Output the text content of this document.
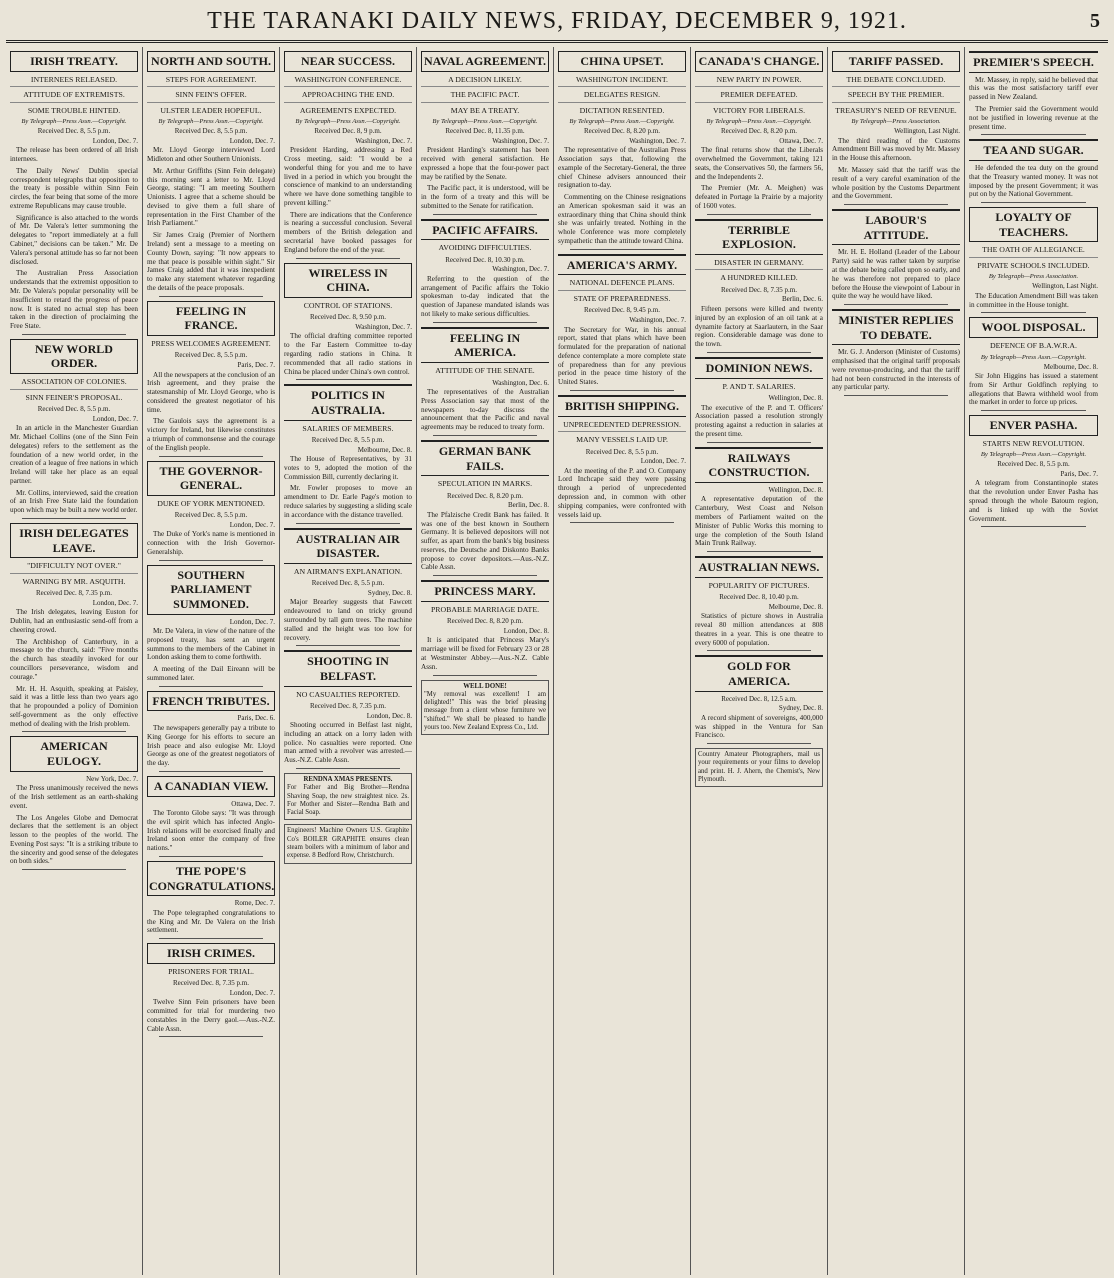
THE TARANAKI DAILY NEWS, FRIDAY, DECEMBER 9, 1921.	5
IRISH TREATY.
INTERNEES RELEASED.
ATTITUDE OF EXTREMISTS.
SOME TROUBLE HINTED.
By Telegraph—Press Assn.—Copyright.
Received Dec. 8, 5.5 p.m.
London, Dec. 7.

The release has been ordered of all Irish internees.

The Daily News' Dublin special correspondent telegraphs that opposition to the treaty is possible within Sinn Fein circles, the fear being that some of the more extreme Republicans may cause trouble.

Significance is also attached to the words of Mr. De Valera's letter summoning the delegates to "report immediately at a full Cabinet," decisions can be taken." Mr. De Valera's personal attitude has so far not been disclosed.

The Australian Press Association understands that the extremist opposition to Mr. De Valera's popular personality will be insufficient to retard the progress of peace now. It is stated no actual step has been taken in the direction of proclaiming the Free State.

NEW WORLD ORDER.
ASSOCIATION OF COLONIES.
SINN FEINER'S PROPOSAL.
Received Dec. 8, 5.5 p.m.
London, Dec. 7.

In an article in the Manchester Guardian Mr. Michael Collins (one of the Sinn Fein delegates) refers to the settlement as the foundation of a new world order, in the creation of a league of free nations in which Ireland will take her place as an equal partner.

Mr. Collins, interviewed, said the creation of an Irish Free State laid the foundation upon which may be built a new world order.

IRISH DELEGATES LEAVE.
"DIFFICULTY NOT OVER."
WARNING BY MR. ASQUITH.
Received Dec. 8, 7.35 p.m.
London, Dec. 7.

The Irish delegates, leaving Euston for Dublin, had an enthusiastic send-off from a cheering crowd.

The Archbishop of Canterbury, in a message to the church, said: "Five months the church has steadily invoked for our councillors perseverance, wisdom and courage."

Mr. H. H. Asquith, speaking at Paisley, said it was a little less than two years ago that he propounded a policy of Dominion self-government as the only effective method of dealing with the Irish problem.

AMERICAN EULOGY.
New York, Dec. 7.

The Press unanimously received the news of the Irish settlement as an earth-shaking event.

The Los Angeles Globe and Democrat declares that the settlement is an object lesson to the peoples of the world. The Evening Post says: "It is a striking tribute to the sincerity and good sense of the delegates on both sides."

NORTH AND SOUTH.
STEPS FOR AGREEMENT.
SINN FEIN'S OFFER.
ULSTER LEADER HOPEFUL.
By Telegraph—Press Assn.—Copyright.
Received Dec. 8, 5.5 p.m.
London, Dec. 7.

Mr. Lloyd George interviewed Lord Midleton and other Southern Unionists.

Mr. Arthur Griffiths (Sinn Fein delegate) this morning sent a letter to Mr. Lloyd George, stating: "I am meeting Southern Unionists. I agree that a scheme should be devised to give them a full share of representation in the First Chamber of the Irish Parliament."

Sir James Craig (Premier of Northern Ireland) sent a message to a meeting on County Down, saying: "It now appears to me that peace is possible within sight." Sir James Craig added that it was inexpedient to make any statement whatever regarding the details of the peace proposals.

FEELING IN FRANCE.
PRESS WELCOMES AGREEMENT.
Received Dec. 8, 5.5 p.m.
Paris, Dec. 7.

All the newspapers at the conclusion of an Irish agreement, and they praise the statesmanship of Mr. Lloyd George, who is considered the greatest negotiator of his time.

The Gaulois says the agreement is a victory for Ireland, but likewise constitutes a triumph of commonsense and the courage of the English people.

THE GOVERNOR-GENERAL.
DUKE OF YORK MENTIONED.
Received Dec. 8, 5.5 p.m.
London, Dec. 7.

The Duke of York's name is mentioned in connection with the Irish Governor-Generalship.

SOUTHERN PARLIAMENT SUMMONED.
London, Dec. 7.

Mr. De Valera, in view of the nature of the proposed treaty, has sent an urgent summons to the members of the Cabinet in London asking them to come forthwith.

A meeting of the Dail Eireann will be summoned later.

FRENCH TRIBUTES.
Paris, Dec. 6.

The newspapers generally pay a tribute to King George for his efforts to secure an Irish peace and also eulogise Mr. Lloyd George as one of the greatest negotiators of the day.

A CANADIAN VIEW.
Ottawa, Dec. 7.

The Toronto Globe says: "It was through the evil spirit which has infected Anglo-Irish relations will be exorcised finally and Ireland soon enter the company of free nations."

THE POPE'S CONGRATULATIONS.
Rome, Dec. 7.

The Pope telegraphed congratulations to the King and Mr. De Valera on the Irish settlement.

IRISH CRIMES.
PRISONERS FOR TRIAL.
Received Dec. 8, 7.35 p.m.
London, Dec. 7.

Twelve Sinn Fein prisoners have been committed for trial for murdering two constables in the Derry gaol.—Aus.-N.Z. Cable Assn.

NEAR SUCCESS.
WASHINGTON CONFERENCE.
APPROACHING THE END.
AGREEMENTS EXPECTED.
By Telegraph—Press Assn.—Copyright.
Received Dec. 8, 9 p.m.
Washington, Dec. 7.

President Harding, addressing a Red Cross meeting, said: "I would be a wonderful thing for you and me to have lived in a period in which you brought the conscience of mankind to an understanding where we have done something tangible to prevent killing."

There are indications that the Conference is nearing a successful conclusion. Several members of the British delegation and secretarial have booked passages for England before the end of the year.

WIRELESS IN CHINA.
CONTROL OF STATIONS.
Received Dec. 8, 9.50 p.m.
Washington, Dec. 7.

The official drafting committee reported to the Far Eastern Committee to-day regarding radio stations in China. It recommended that all radio stations in China be placed under China's own control.

POLITICS IN AUSTRALIA.
SALARIES OF MEMBERS.
Received Dec. 8, 5.5 p.m.
Melbourne, Dec. 8.

The House of Representatives, by 31 votes to 9, adopted the motion of the Commission Bill, currently declaring it.

Mr. Fowler proposes to move an amendment to Dr. Earle Page's motion to reduce salaries by suggesting a sliding scale in accordance with the distance travelled.

AUSTRALIAN AIR DISASTER.
AN AIRMAN'S EXPLANATION.
Received Dec. 8, 5.5 p.m.
Sydney, Dec. 8.

Major Brearley suggests that Fawcett endeavoured to land on tricky ground surrounded by tall gum trees. The machine stalled and the height was too low for recovery.

SHOOTING IN BELFAST.
NO CASUALTIES REPORTED.
Received Dec. 8, 7.35 p.m.
London, Dec. 8.

Shooting occurred in Belfast last night, including an attack on a lorry laden with police. No casualties were reported. One man armed with a revolver was arrested.—Aus.-N.Z. Cable Assn.

RENDNA XMAS PRESENTS.
For Father and Big Brother—Rendna Shaving Soap, the new straightest nice. 2s. For Mother and Sister—Rendna Bath and Facial Soap.
Engineers! Machine Owners U.S. Graphite Co's BOILER GRAPHITE ensures clean steam boilers with a minimum of labor and expense. 8 Bedford Row, Christchurch.
NAVAL AGREEMENT.
A DECISION LIKELY.
THE PACIFIC PACT.
MAY BE A TREATY.
By Telegraph—Press Assn.—Copyright.
Received Dec. 8, 11.35 p.m.
Washington, Dec. 7.

President Harding's statement has been received with general satisfaction. He expressed a hope that the four-power pact may be ratified by the Senate.

The Pacific pact, it is understood, will be in the form of a treaty and this will be submitted to the Senate for ratification.

PACIFIC AFFAIRS.
AVOIDING DIFFICULTIES.
Received Dec. 8, 10.30 p.m.
Washington, Dec. 7.

Referring to the question of the arrangement of Pacific affairs the Tokio spokesman to-day indicated that the question of Japanese mandated islands was not likely to make serious difficulties.

FEELING IN AMERICA.
ATTITUDE OF THE SENATE.
Washington, Dec. 6.

The representatives of the Australian Press Association say that most of the newspapers to-day discuss the announcement that the Pacific and naval agreements may be reduced to treaty form.

GERMAN BANK FAILS.
SPECULATION IN MARKS.
Received Dec. 8, 8.20 p.m.
Berlin, Dec. 8.

The Pfalzische Credit Bank has failed. It was one of the best known in Southern Germany. It is believed depositors will not suffer, as apart from the bank's big business reserves, the Deutsche and Diskonto Banks propose to cover depositors.—Aus.-N.Z. Cable Assn.

PRINCESS MARY.
PROBABLE MARRIAGE DATE.
Received Dec. 8, 8.20 p.m.
London, Dec. 8.

It is anticipated that Princess Mary's marriage will be fixed for February 23 or 28 at Westminster Abbey.—Aus.-N.Z. Cable Assn.

WELL DONE!
"My removal was excellent! I am delighted!" This was the brief pleasing message from a client whose furniture we "shifted." We shall be pleased to handle yours too. New Zealand Express Co., Ltd.
CHINA UPSET.
WASHINGTON INCIDENT.
DELEGATES RESIGN.
DICTATION RESENTED.
By Telegraph—Press Assn.—Copyright.
Received Dec. 8, 8.20 p.m.
Washington, Dec. 7.

The representative of the Australian Press Association says that, following the example of the Secretary-General, the three chief Chinese advisers announced their resignation to-day.

Commenting on the Chinese resignations an American spokesman said it was an extraordinary thing that China should think she was unfairly treated. Nothing in the whole Conference was more completely sympathetic than the attitude toward China.

AMERICA'S ARMY.
NATIONAL DEFENCE PLANS.
STATE OF PREPAREDNESS.
Received Dec. 8, 9.45 p.m.
Washington, Dec. 7.

The Secretary for War, in his annual report, stated that plans which have been formulated for the preparation of national defence contemplate a more complete state of preparedness than for any previous period in the peace time history of the United States.

BRITISH SHIPPING.
UNPRECEDENTED DEPRESSION.
MANY VESSELS LAID UP.
Received Dec. 8, 5.5 p.m.
London, Dec. 7.

At the meeting of the P. and O. Company Lord Inchcape said they were passing through a period of unprecedented depression and, in common with other shipping companies, were confronted with vessels laid up.

CANADA'S CHANGE.
NEW PARTY IN POWER.
PREMIER DEFEATED.
VICTORY FOR LIBERALS.
By Telegraph—Press Assn.—Copyright.
Received Dec. 8, 8.20 p.m.
Ottawa, Dec. 7.

The final returns show that the Liberals overwhelmed the Government, taking 121 seats, the Conservatives 50, the farmers 56, and the Independents 2.

The Premier (Mr. A. Meighen) was defeated in Portage la Prairie by a majority of 1600 votes.

TERRIBLE EXPLOSION.
DISASTER IN GERMANY.
A HUNDRED KILLED.
Received Dec. 8, 7.35 p.m.
Berlin, Dec. 6.

Fifteen persons were killed and twenty injured by an explosion of an oil tank at a dynamite factory at Saarlautern, in the Saar region. Considerable damage was done to the town.

DOMINION NEWS.
P. AND T. SALARIES.
Wellington, Dec. 8.

The executive of the P. and T. Officers' Association passed a resolution strongly protesting against a reduction in salaries at the present time.

RAILWAYS CONSTRUCTION.
Wellington, Dec. 8.

A representative deputation of the Canterbury, West Coast and Nelson members of Parliament waited on the Minister of Public Works this morning to urge the completion of the South Island Main Trunk Railway.

AUSTRALIAN NEWS.
POPULARITY OF PICTURES.
Received Dec. 8, 10.40 p.m.
Melbourne, Dec. 8.

Statistics of picture shows in Australia reveal 80 million attendances at 808 theatres in a year. This is one theatre to every 6000 of population.

GOLD FOR AMERICA.
Received Dec. 8, 12.5 a.m.
Sydney, Dec. 8.

A record shipment of sovereigns, 400,000 was shipped in the Ventura for San Francisco.

Country Amateur Photographers, mail us your requirements or your films to develop and print. H. J. Ahern, the Chemist's, New Plymouth.
TARIFF PASSED.
THE DEBATE CONCLUDED.
SPEECH BY THE PREMIER.
TREASURY'S NEED OF REVENUE.
By Telegraph—Press Association.
Wellington, Last Night.

The third reading of the Customs Amendment Bill was moved by Mr. Massey in the House this afternoon.

Mr. Massey said that the tariff was the result of a very careful examination of the whole position by the Customs Department and the Government.

LABOUR'S ATTITUDE.

Mr. H. E. Holland (Leader of the Labour Party) said he was rather taken by surprise at the debate being called upon so early, and he was therefore not prepared to place before the House the viewpoint of Labour in quite the way he would have liked.

MINISTER REPLIES TO DEBATE.

Mr. G. J. Anderson (Minister of Customs) emphasised that the original tariff proposals were revenue-producing, and that the tariff had not been constructed in the interests of any particular party.

PREMIER'S SPEECH.

Mr. Massey, in reply, said he believed that this was the most satisfactory tariff ever passed in New Zealand.

The Premier said the Government would not be justified in lowering revenue at the present time.

TEA AND SUGAR.

He defended the tea duty on the ground that the Treasury wanted money. It was not imposed by the present Government; it was put on by the National Government.

LOYALTY OF TEACHERS.
THE OATH OF ALLEGIANCE.
PRIVATE SCHOOLS INCLUDED.
By Telegraph—Press Association.
Wellington, Last Night.

The Education Amendment Bill was taken in committee in the House tonight.

WOOL DISPOSAL.
DEFENCE OF B.A.W.R.A.
By Telegraph—Press Assn.—Copyright.
Melbourne, Dec. 8.

Sir John Higgins has issued a statement from Sir Arthur Goldfinch replying to allegations that Bawra withheld wool from the market in order to force up prices.

ENVER PASHA.
STARTS NEW REVOLUTION.
By Telegraph—Press Assn.—Copyright.
Received Dec. 8, 5.5 p.m.
Paris, Dec. 7.

A telegram from Constantinople states that the revolution under Enver Pasha has spread through the whole Batoum region, and is linked up with the Soviet Government.
